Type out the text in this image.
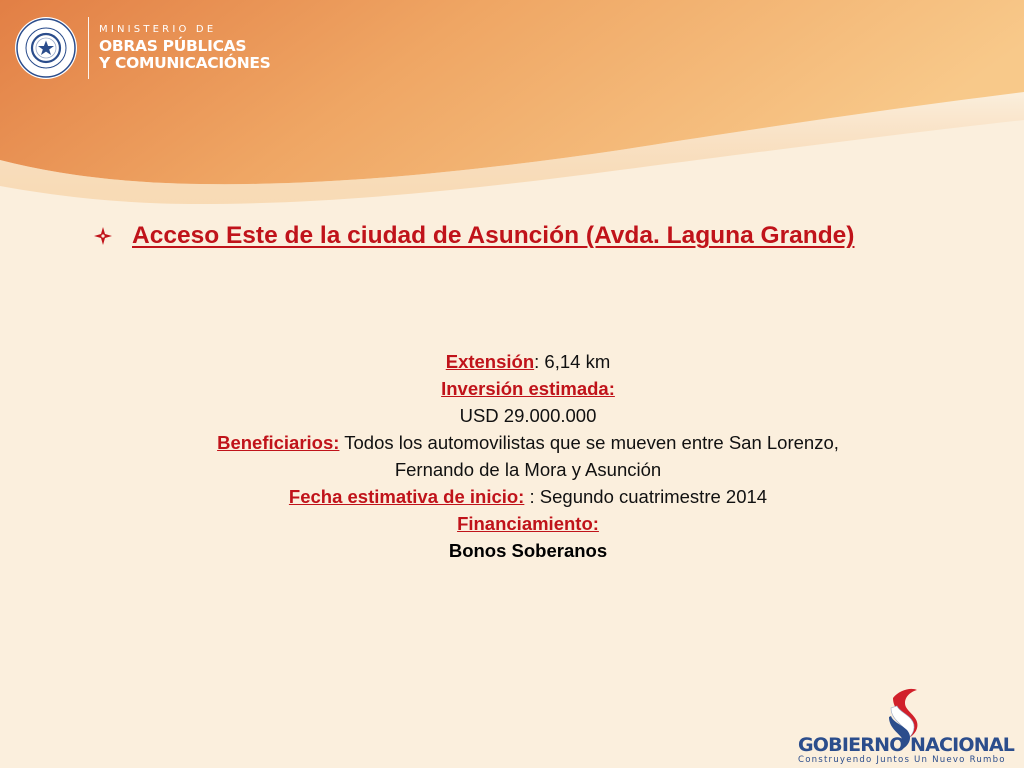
MINISTERIO DE
OBRAS PÚBLICAS
Y COMUNICACIÓNES
Acceso Este de la ciudad de Asunción (Avda. Laguna Grande)
Extensión: 6,14 km
Inversión estimada:
USD 29.000.000
Beneficiarios: Todos los automovilistas que se mueven entre San Lorenzo,
Fernando de la Mora y Asunción
Fecha estimativa de inicio: : Segundo cuatrimestre 2014
Financiamiento:
Bonos Soberanos
GOBIERNO NACIONAL
Construyendo Juntos Un Nuevo Rumbo
